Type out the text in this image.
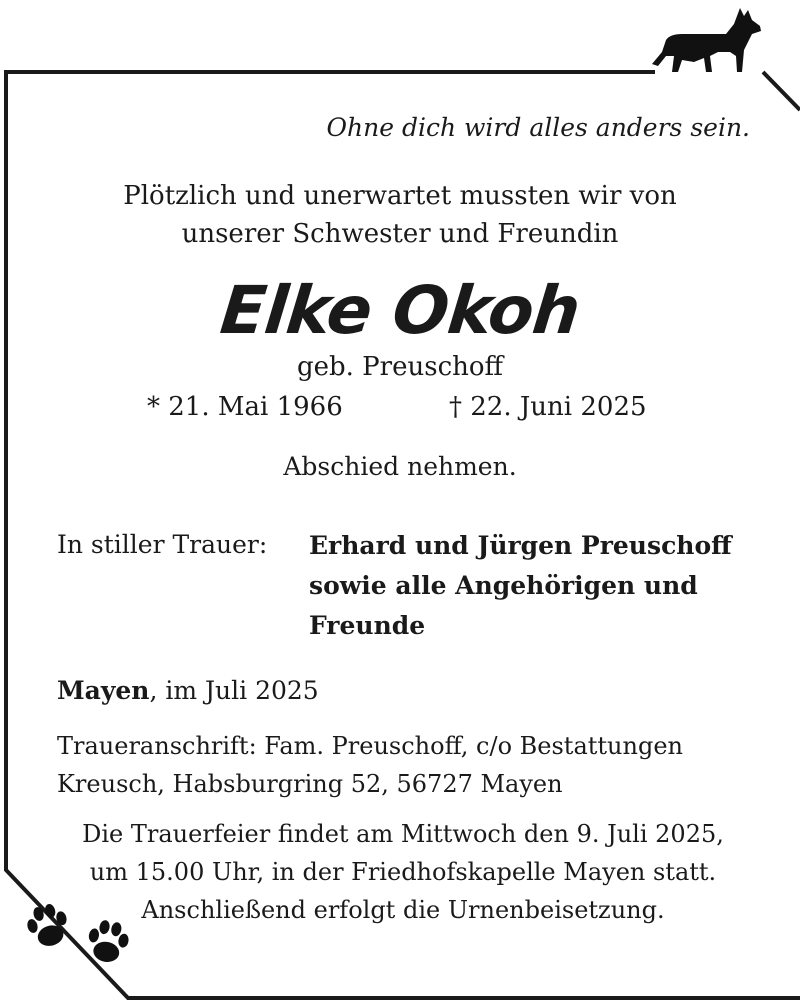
Ohne dich wird alles anders sein.

Plötzlich und unerwartet mussten wir von
unserer Schwester und Freundin

Elke Okoh

geb. Preuschoff

* 21. Mai 1966	† 22. Juni 2025

Abschied nehmen.

In stiller Trauer: Erhard und Jürgen Preuschoff
sowie alle Angehörigen und
Freunde

Mayen, im Juli 2025

Traueranschrift: Fam. Preuschoff, c/o Bestattungen
Kreusch, Habsburgring 52, 56727 Mayen
Die Trauerfeier findet am Mittwoch den 9. Juli 2025,
um 15.00 Uhr, in der Friedhofskapelle Mayen statt.
Anschließend erfolgt die Urnenbeisetzung.
